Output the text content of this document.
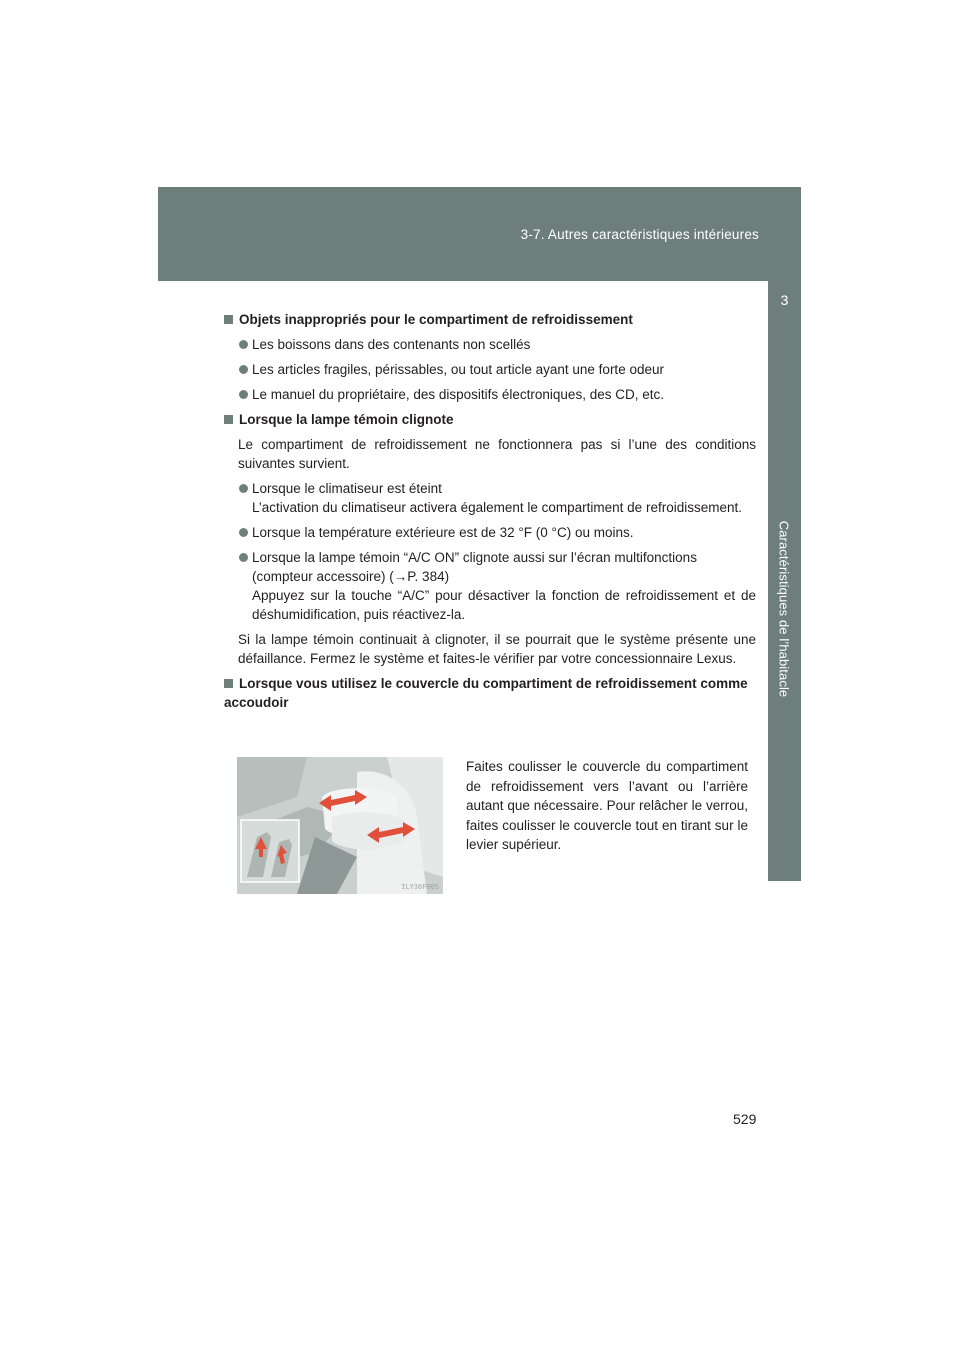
3-7. Autres caractéristiques intérieures
3
Caractéristiques de l’habitacle
Objets inappropriés pour le compartiment de refroidissement
Les boissons dans des contenants non scellés
Les articles fragiles, périssables, ou tout article ayant une forte odeur
Le manuel du propriétaire, des dispositifs électroniques, des CD, etc.
Lorsque la lampe témoin clignote
Le compartiment de refroidissement ne fonctionnera pas si l’une des conditions suivantes survient.
Lorsque le climatiseur est éteint
L’activation du climatiseur activera également le compartiment de refroidissement.
Lorsque la température extérieure est de 32 °F (0 °C) ou moins.
Lorsque la lampe témoin “A/C ON” clignote aussi sur l’écran multifonctions (compteur accessoire) (→P. 384)
Appuyez sur la touche “A/C” pour désactiver la fonction de refroidissement et de déshumidification, puis réactivez-la.
Si la lampe témoin continuait à clignoter, il se pourrait que le système présente une défaillance. Fermez le système et faites-le vérifier par votre concessionnaire Lexus.
Lorsque vous utilisez le couvercle du compartiment de refroidissement comme accoudoir
ILY36F005
Faites coulisser le couvercle du compartiment de refroidissement vers l’avant ou l’arrière autant que nécessaire. Pour relâcher le verrou, faites coulisser le couvercle tout en tirant sur le levier supérieur.
529
